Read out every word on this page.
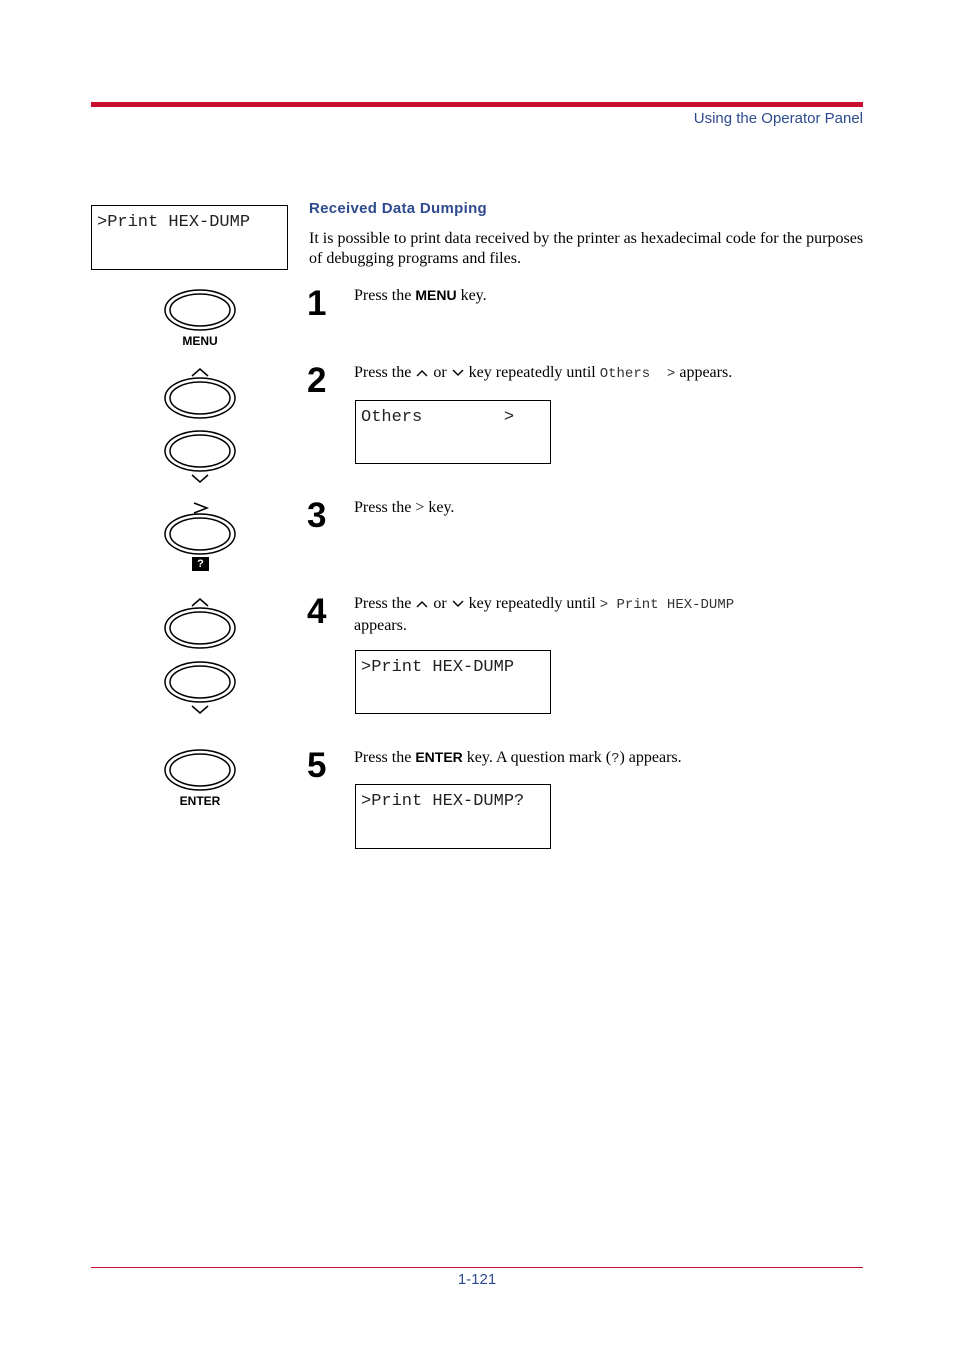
Using the Operator Panel
>Print HEX-DUMP
Received Data Dumping
It is possible to print data received by the printer as hexadecimal code for the purposes of debugging programs and files.
MENU
?
ENTER
1 Press the MENU key.
2 Press the  or  key repeatedly until Others  > appears.
Others        >
3 Press the > key.
4 Press the  or  key repeatedly until > Print HEX-DUMP
appears.
>Print HEX-DUMP
5 Press the ENTER key. A question mark (?) appears.
>Print HEX-DUMP?
1-121
